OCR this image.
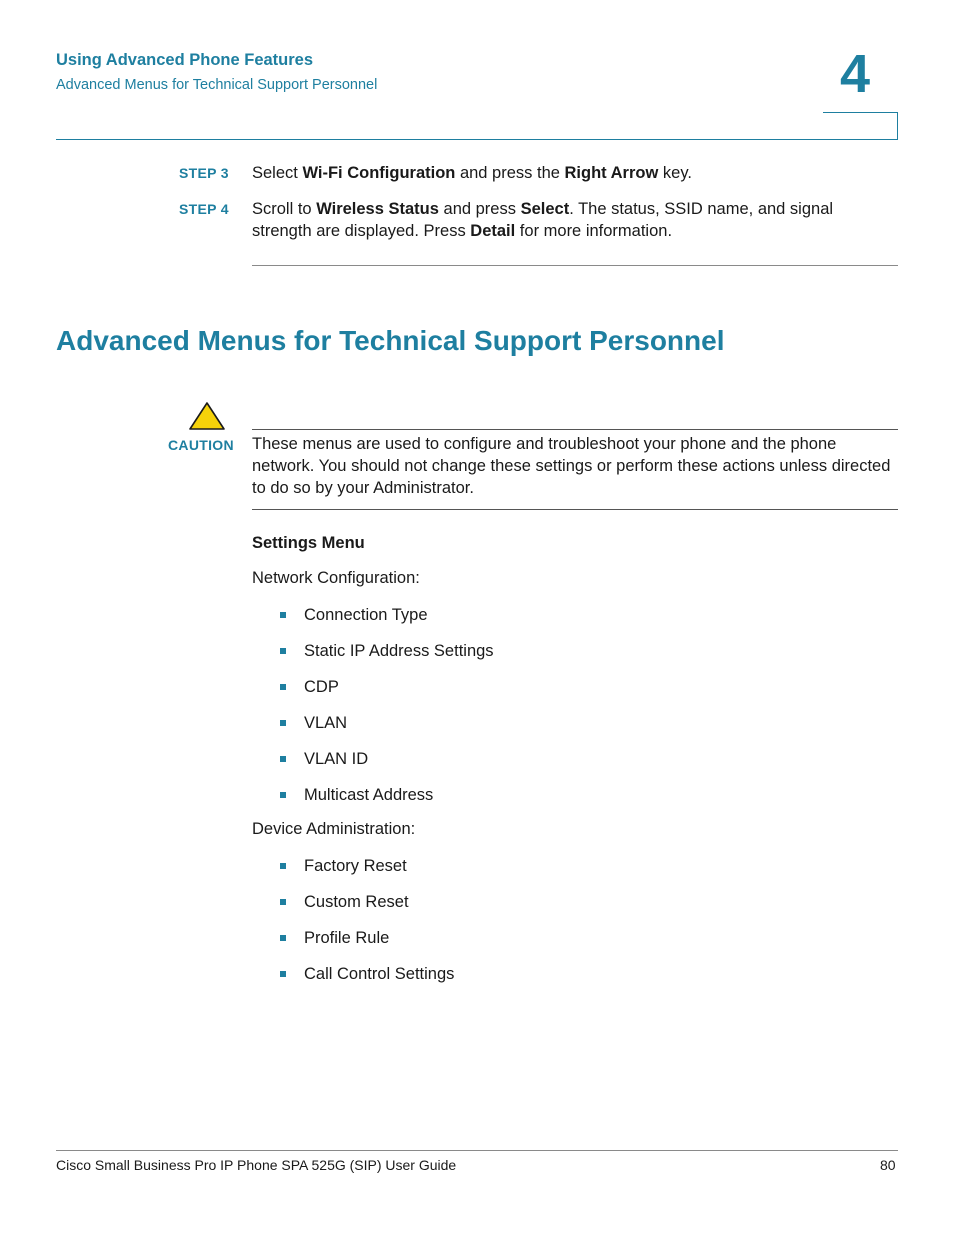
Using Advanced Phone Features
Advanced Menus for Technical Support Personnel	4
STEP 3 Select Wi-Fi Configuration and press the Right Arrow key.
STEP 4 Scroll to Wireless Status and press Select. The status, SSID name, and signal strength are displayed. Press Detail for more information.
Advanced Menus for Technical Support Personnel
CAUTION These menus are used to configure and troubleshoot your phone and the phone network. You should not change these settings or perform these actions unless directed to do so by your Administrator.
Settings Menu
Network Configuration:
Connection Type
Static IP Address Settings
CDP
VLAN
VLAN ID
Multicast Address
Device Administration:
Factory Reset
Custom Reset
Profile Rule
Call Control Settings
Cisco Small Business Pro IP Phone SPA 525G (SIP) User Guide	80
